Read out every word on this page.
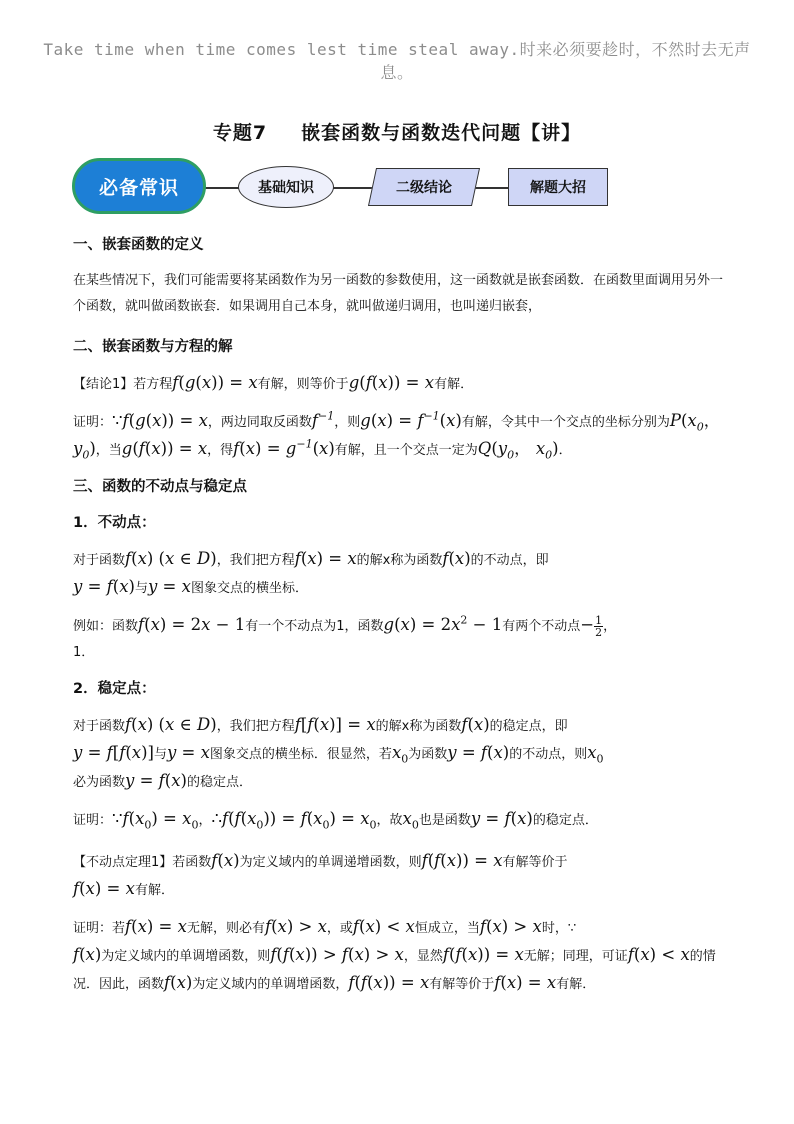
Take time when time comes lest time steal away.时来必须要趁时，不然时去无声息。
专题7 嵌套函数与函数迭代问题【讲】
必备常识	基础知识	二级结论	解题大招
一、嵌套函数的定义

在某些情况下，我们可能需要将某函数作为另一函数的参数使用，这一函数就是嵌套函数．在函数里面调用另外一个函数，就叫做函数嵌套．如果调用自己本身，就叫做递归调用，也叫递归嵌套，

二、嵌套函数与方程的解

【结论1】若方程f(g(x)) = x有解，则等价于g(f(x)) = x有解．

证明：∵f(g(x)) = x，两边同取反函数$f^{-1}$，则$g(x) = f^{-1}(x)$有解，令其中一个交点的坐标分别为$P(x_0$， $y_0$)，当g(f(x)) = x，得$f(x) = g^{-1}(x)$有解，且一个交点一定为$Q(y_0$， $x_0$)．

三、函数的不动点与稳定点
1．不动点：

对于函数f(x) (x ∈ D)，我们把方程f(x) = x的解x称为函数f(x)的不动点，即
y = f(x)与y = x图象交点的横坐标．

例如：函数f(x) = 2x − 1有一个不动点为1，函数$g(x) = 2x^2 - 1$有两个不动点− $\frac{1}{2}$ ，
1．

2．稳定点：

对于函数f(x) (x ∈ D)，我们把方程f[f(x)] = x的解x称为函数f(x)的稳定点，即
y = f[f(x)]与y = x图象交点的横坐标．很显然，若$x_0$为函数y = f(x)的不动点，则$x_0$
必为函数y = f(x)的稳定点．

证明：$\because f(x_0) = x_0$，$\therefore f(f(x_0)) = f(x_0) = x_0$，故$x_0$也是函数y = f(x)的稳定点．

【不动点定理1】若函数f(x)为定义域内的单调递增函数，则f(f(x)) = x有解等价于
f(x) = x有解．

证明：若f(x) = x无解，则必有f(x) > x，或f(x) < x恒成立，当f(x) > x时，∵
f(x)为定义域内的单调增函数，则f(f(x)) > f(x) > x，显然f(f(x)) = x无解；同理，可证f(x) < x的情况．因此，函数f(x)为定义域内的单调增函数，f(f(x)) = x有解等价于f(x) = x有解．
